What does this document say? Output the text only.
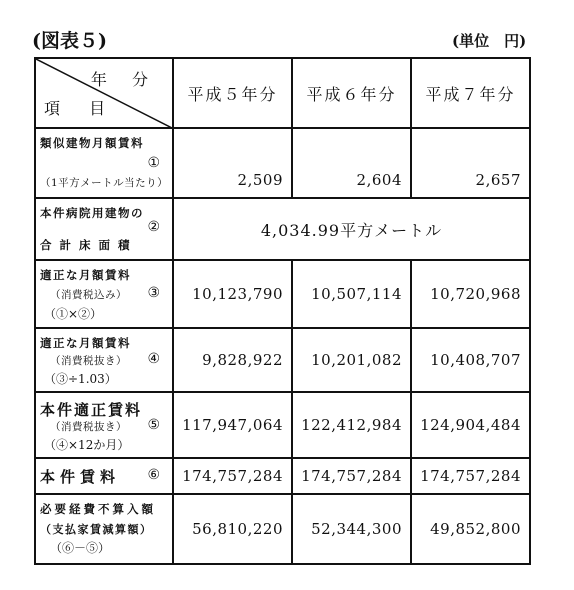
(図表５)	(単位　円)
年 分
項 目	平成５年分	平成６年分	平成７年分

類似建物月額賃料
①
（1平方メートル当たり）	2,509	2,604	2,657

本件病院用建物の
②
合 計 床 面 積	4,034.99平方メートル		

適正な月額賃料
（消費税込み） ③
（①×②）	10,123,790	10,507,114	10,720,968

適正な月額賃料
（消費税抜き） ④
（③÷1.03）	9,828,922	10,201,082	10,408,707

本件適正賃料
（消費税抜き） ⑤
（④×12か月）	117,947,064	122,412,984	124,904,484

本件賃料 ⑥	174,757,284	174,757,284	174,757,284

必要経費不算入額
（支払家賃減算額）
（⑥－⑤）	56,810,220	52,344,300	49,852,800
